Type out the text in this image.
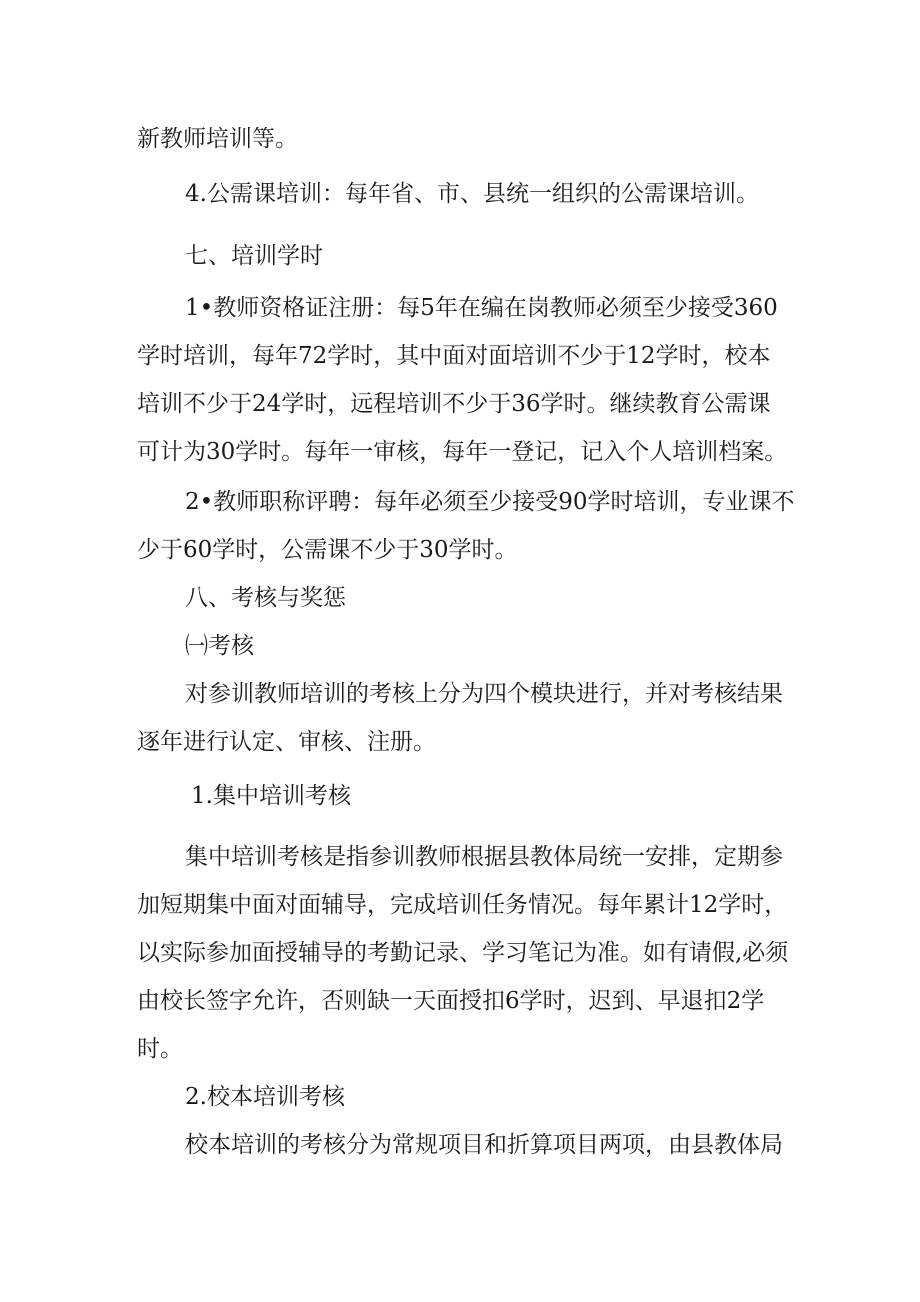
新教师培训等。

4.公需课培训：每年省、市、县统一组织的公需课培训。

七、培训学时

1•教师资格证注册：每5年在编在岗教师必须至少接受360

学时培训，每年72学时，其中面对面培训不少于12学时，校本

培训不少于24学时，远程培训不少于36学时。继续教育公需课

可计为30学时。每年一审核，每年一登记，记入个人培训档案。

2•教师职称评聘：每年必须至少接受90学时培训，专业课不

少于60学时，公需课不少于30学时。

八、考核与奖惩

㈠考核

对参训教师培训的考核上分为四个模块进行，并对考核结果

逐年进行认定、审核、注册。

1.集中培训考核

集中培训考核是指参训教师根据县教体局统一安排，定期参

加短期集中面对面辅导，完成培训任务情况。每年累计12学时，

以实际参加面授辅导的考勤记录、学习笔记为准。如有请假,必须

由校长签字允许，否则缺一天面授扣6学时，迟到、早退扣2学

时。

2.校本培训考核

校本培训的考核分为常规项目和折算项目两项，由县教体局
